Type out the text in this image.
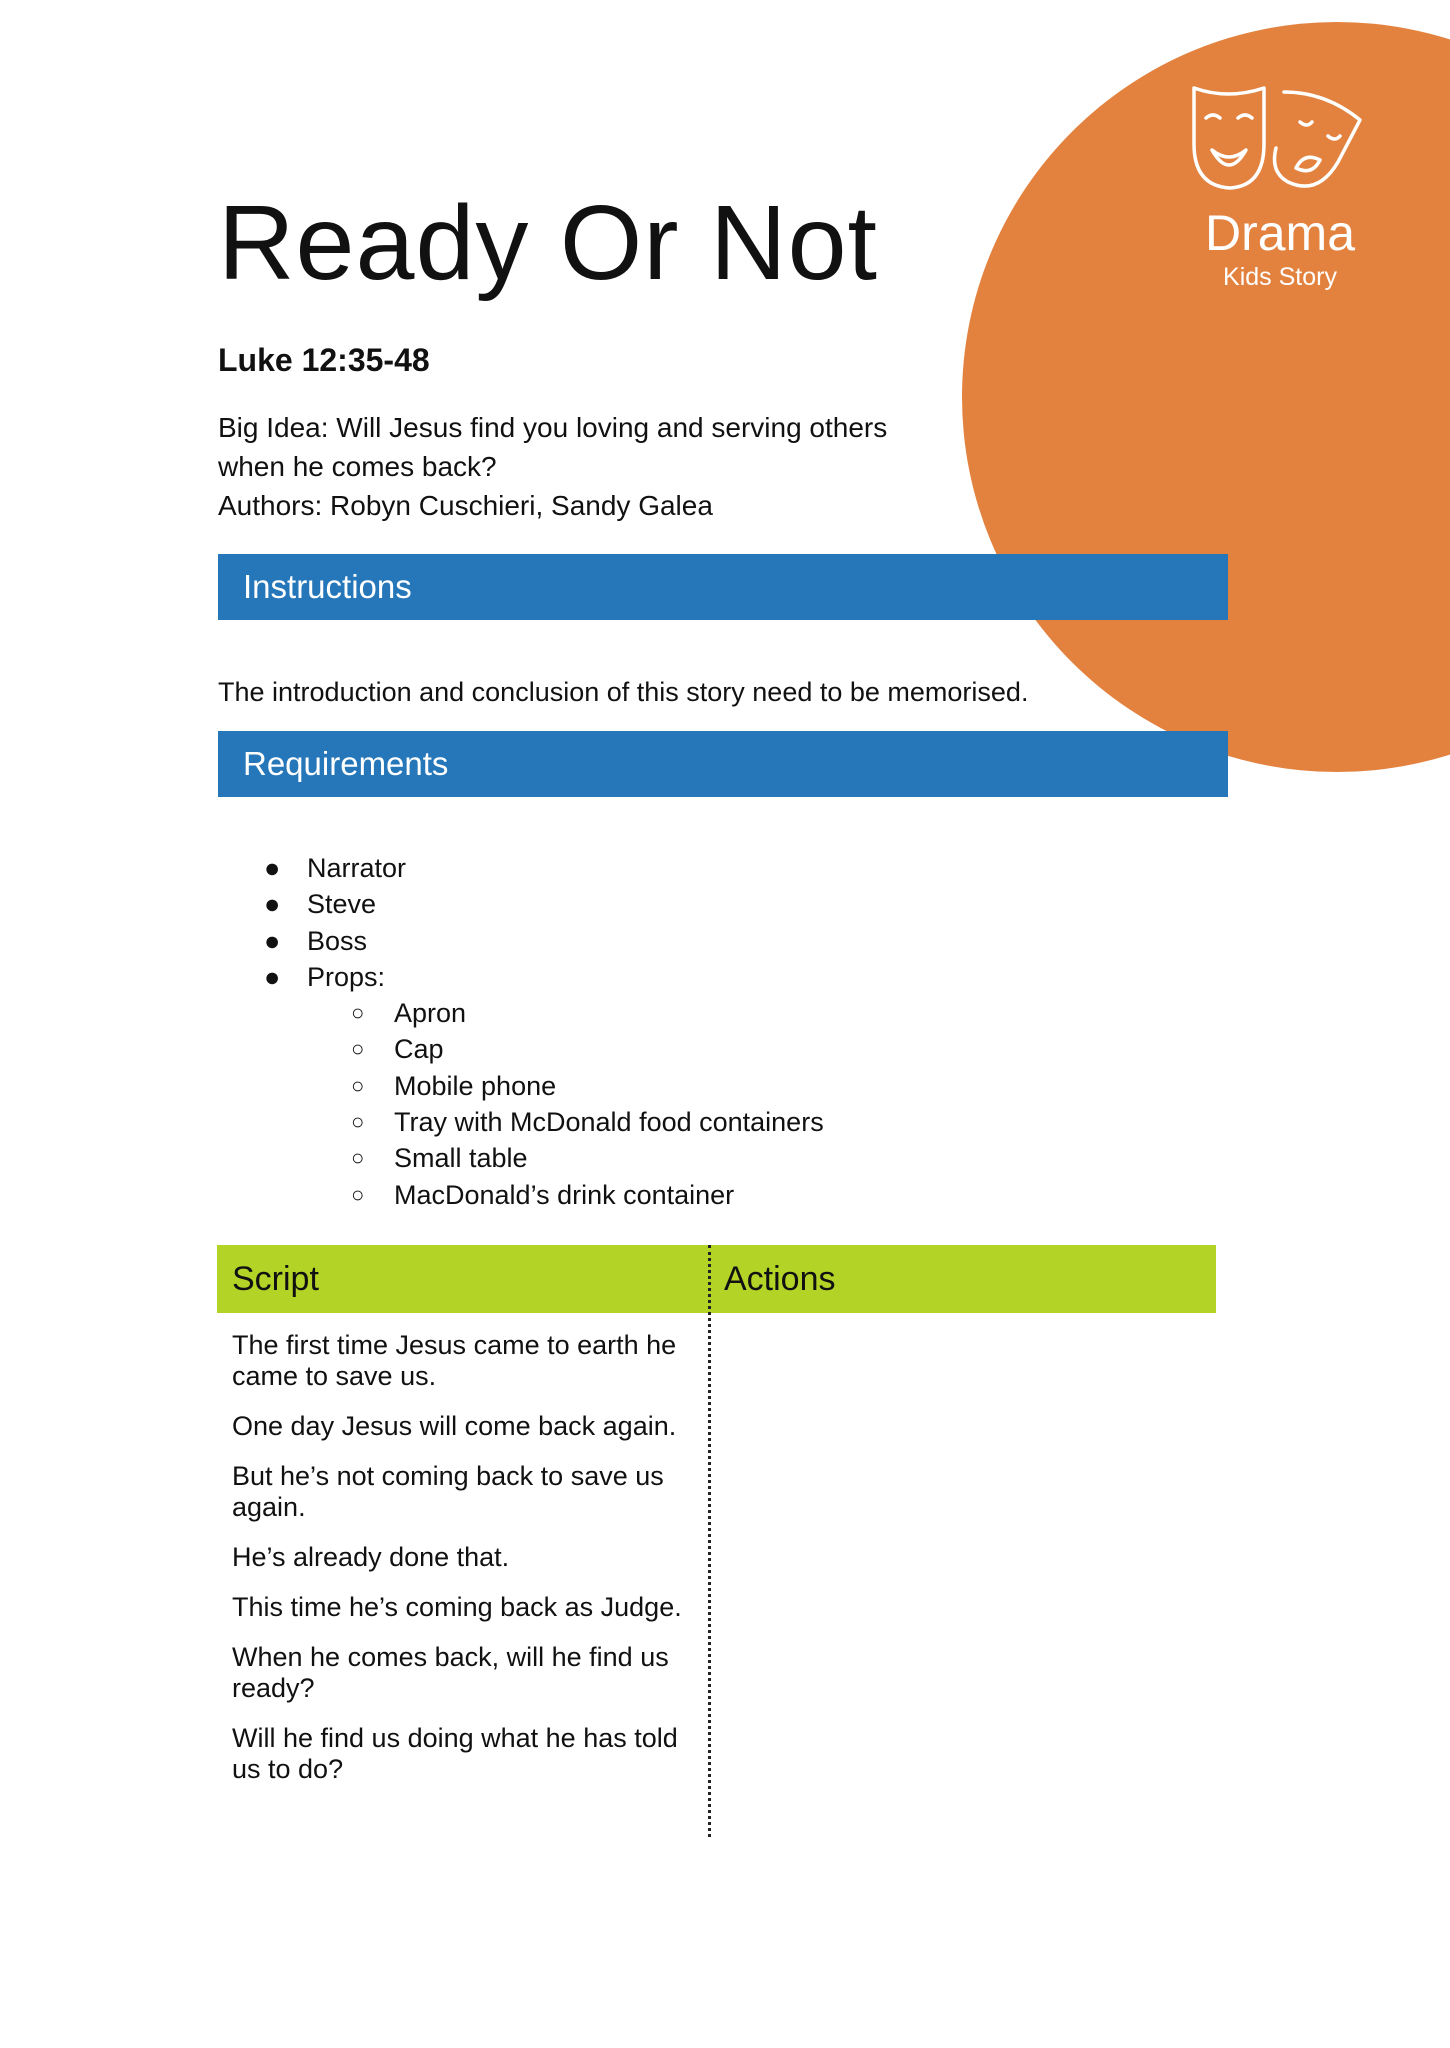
Drama
Kids Story
Ready Or Not
Luke 12:35-48
Big Idea: Will Jesus find you loving and serving others
when he comes back?
Authors: Robyn Cuschieri, Sandy Galea
Instructions
The introduction and conclusion of this story need to be memorised.
Requirements
● Narrator
● Steve
● Boss
● Props:
○ Apron
○ Cap
○ Mobile phone
○ Tray with McDonald food containers
○ Small table
○ MacDonald’s drink container
Script	Actions

The first time Jesus came to earth he came to save us.

One day Jesus will come back again.

But he’s not coming back to save us again.

He’s already done that.

This time he’s coming back as Judge.

When he comes back, will he find us ready?

Will he find us doing what he has told us to do?
